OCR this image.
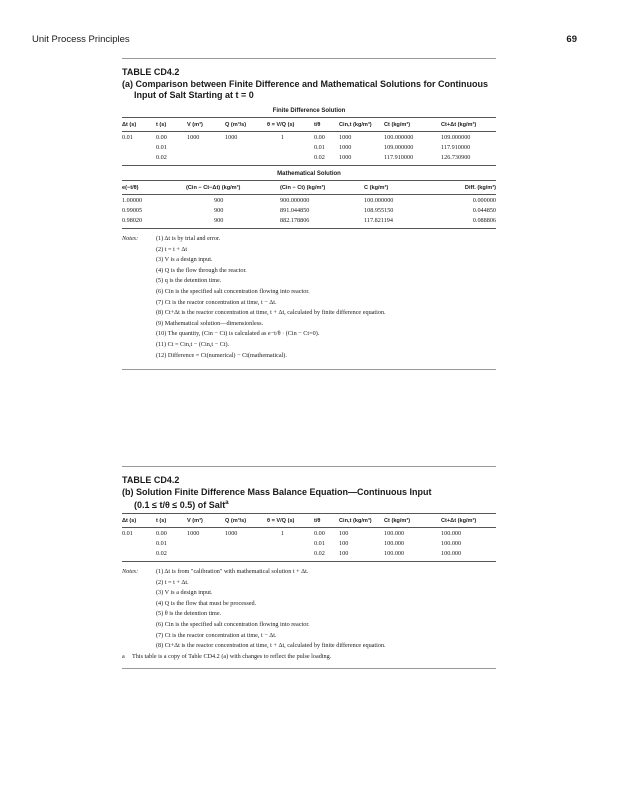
Unit Process Principles	69
TABLE CD4.2
(a) Comparison between Finite Difference and Mathematical Solutions for Continuous
Input of Salt Starting at t = 0
Finite Difference Solution
Δt (s)	t (s)	V (m³)	Q (m³/s)	θ = V/Q (s)	t/θ	Cin,t (kg/m³)	Ct (kg/m³)	Ct+Δt (kg/m³)
0.01	0.00	1000	1000	1	0.00	1000	100.000000	109.000000
	0.01				0.01	1000	109.000000	117.910000
	0.02				0.02	1000	117.910000	126.730900
Mathematical Solution
e(−t/θ)	(Cin − Ct−Δt) (kg/m³)	(Cin − Ct) (kg/m³)	C (kg/m³)	Diff. (kg/m³)
1.00000	900	900.000000	100.000000	0.000000
0.99005	900	891.044850	108.955150	0.044850
0.98020	900	882.178806	117.821194	0.088806
Notes:	(1) Δt is by trial and error.
(2) t = t + Δt
(3) V is a design input.
(4) Q is the flow through the reactor.
(5) q is the detention time.
(6) Cin is the specified salt concentration flowing into reactor.
(7) Ct is the reactor concentration at time, t − Δt.
(8) Ct+Δt is the reactor concentration at time, t + Δt, calculated by finite difference equation.
(9) Mathematical solution—dimensionless.
(10) The quantity, (Cin − Ct) is calculated as e−t/θ · (Cin − Ct=0).
(11) Ct = Cin,t − (Cin,t − Ct).
(12) Difference = Ct(numerical) − Ct(mathematical).
TABLE CD4.2
(b) Solution Finite Difference Mass Balance Equation—Continuous Input
(0.1 ≤ t/θ ≤ 0.5) of Salt$^a$
Δt (s)	t (s)	V (m³)	Q (m³/s)	θ = V/Q (s)	t/θ	Cin,t (kg/m³)	Ct (kg/m³)	Ct+Δt (kg/m³)
0.01	0.00	1000	1000	1	0.00	100	100.000	100.000
	0.01				0.01	100	100.000	100.000
	0.02				0.02	100	100.000	100.000
Notes:	(1) Δt is from "calibration" with mathematical solution t + Δt.
(2) t = t + Δt.
(3) V is a design input.
(4) Q is the flow that must be processed.
(5) θ is the detention time.
(6) Cin is the specified salt concentration flowing into reactor.
(7) Ct is the reactor concentration at time, t − Δt.
(8) Ct+Δt is the reactor concentration at time, t + Δt, calculated by finite difference equation.
a	This table is a copy of Table CD4.2 (a) with changes to reflect the pulse loading.
